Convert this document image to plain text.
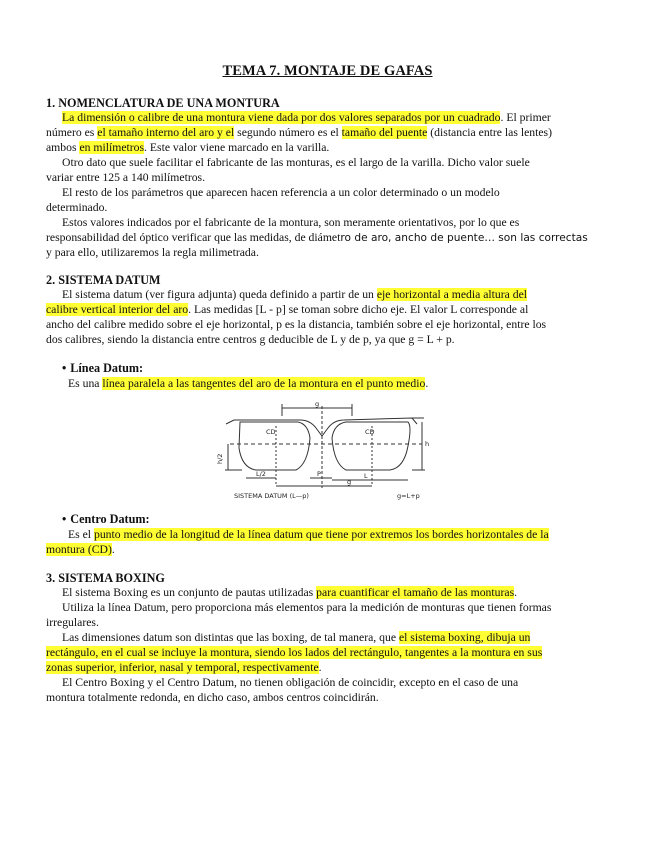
TEMA 7. MONTAJE DE GAFAS
1. NOMENCLATURA DE UNA MONTURA
La dimensión o calibre de una montura viene dada por dos valores separados por un cuadrado. El primer
número es el tamaño interno del aro y el segundo número es el tamaño del puente (distancia entre las lentes)
ambos en milímetros. Este valor viene marcado en la varilla.
Otro dato que suele facilitar el fabricante de las monturas, es el largo de la varilla. Dicho valor suele
variar entre 125 a 140 milímetros.
El resto de los parámetros que aparecen hacen referencia a un color determinado o un modelo
determinado.
Estos valores indicados por el fabricante de la montura, son meramente orientativos, por lo que es
responsabilidad del óptico verificar que las medidas, de diámetro de aro, ancho de puente… son las correctas
y para ello, utilizaremos la regla milimetrada.
2. SISTEMA DATUM
El sistema datum (ver figura adjunta) queda definido a partir de un eje horizontal a media altura del
calibre vertical interior del aro. Las medidas [L - p] se toman sobre dicho eje. El valor L corresponde al
ancho del calibre medido sobre el eje horizontal, p es la distancia, también sobre el eje horizontal, entre los
dos calibres, siendo la distancia entre centros g deducible de L y de p, ya que g = L + p.
• Línea Datum:
Es una línea paralela a las tangentes del aro de la montura en el punto medio.
g
CD	CD
h/2
h
L/2	P	L
g
SISTEMA DATUM (L—p)	g=L+p
• Centro Datum:
Es el punto medio de la longitud de la línea datum que tiene por extremos los bordes horizontales de la
montura (CD).
3. SISTEMA BOXING
El sistema Boxing es un conjunto de pautas utilizadas para cuantificar el tamaño de las monturas.
Utiliza la línea Datum, pero proporciona más elementos para la medición de monturas que tienen formas
irregulares.
Las dimensiones datum son distintas que las boxing, de tal manera, que el sistema boxing, dibuja un
rectángulo, en el cual se incluye la montura, siendo los lados del rectángulo, tangentes a la montura en sus
zonas superior, inferior, nasal y temporal, respectivamente.
El Centro Boxing y el Centro Datum, no tienen obligación de coincidir, excepto en el caso de una
montura totalmente redonda, en dicho caso, ambos centros coincidirán.
